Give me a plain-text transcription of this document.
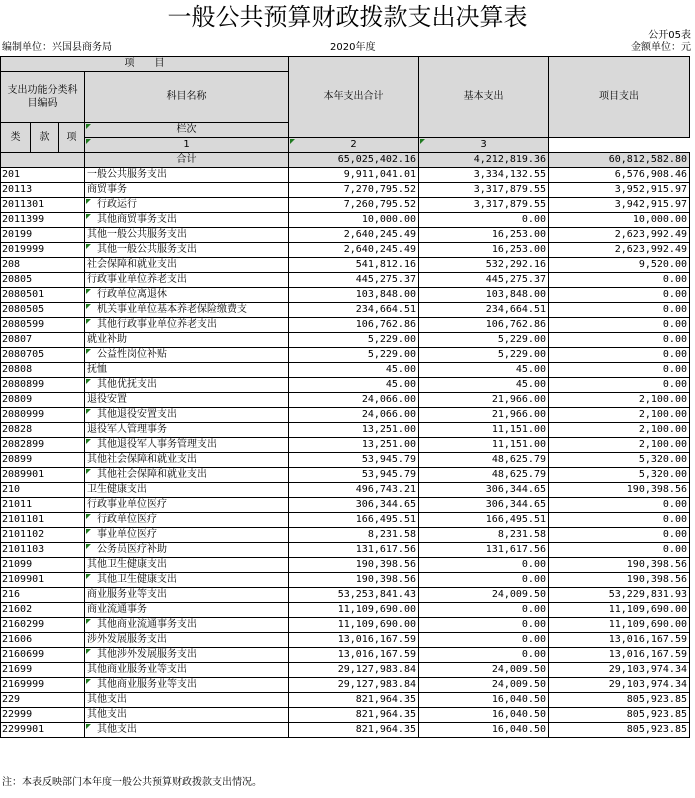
一般公共预算财政拨款支出决算表
公开05表
编制单位：兴国县商务局	2020年度	金额单位：元
项　　目				本年支出合计	基本支出	项目支出
支出功能分类科目编码			科目名称			

类	款	项	栏次			
			1	2	3	
			合计	65,025,402.16	4,212,819.36	60,812,582.80
201			一般公共服务支出	9,911,041.01	3,334,132.55	6,576,908.46
20113			商贸事务	7,270,795.52	3,317,879.55	3,952,915.97
2011301			行政运行	7,260,795.52	3,317,879.55	3,942,915.97
2011399			其他商贸事务支出	10,000.00	0.00	10,000.00
20199			其他一般公共服务支出	2,640,245.49	16,253.00	2,623,992.49
2019999			其他一般公共服务支出	2,640,245.49	16,253.00	2,623,992.49
208			社会保障和就业支出	541,812.16	532,292.16	9,520.00
20805			行政事业单位养老支出	445,275.37	445,275.37	0.00
2080501			行政单位离退休	103,848.00	103,848.00	0.00
2080505			机关事业单位基本养老保险缴费支	234,664.51	234,664.51	0.00
2080599			其他行政事业单位养老支出	106,762.86	106,762.86	0.00
20807			就业补助	5,229.00	5,229.00	0.00
2080705			公益性岗位补贴	5,229.00	5,229.00	0.00
20808			抚恤	45.00	45.00	0.00
2080899			其他优抚支出	45.00	45.00	0.00
20809			退役安置	24,066.00	21,966.00	2,100.00
2080999			其他退役安置支出	24,066.00	21,966.00	2,100.00
20828			退役军人管理事务	13,251.00	11,151.00	2,100.00
2082899			其他退役军人事务管理支出	13,251.00	11,151.00	2,100.00
20899			其他社会保障和就业支出	53,945.79	48,625.79	5,320.00
2089901			其他社会保障和就业支出	53,945.79	48,625.79	5,320.00
210			卫生健康支出	496,743.21	306,344.65	190,398.56
21011			行政事业单位医疗	306,344.65	306,344.65	0.00
2101101			行政单位医疗	166,495.51	166,495.51	0.00
2101102			事业单位医疗	8,231.58	8,231.58	0.00
2101103			公务员医疗补助	131,617.56	131,617.56	0.00
21099			其他卫生健康支出	190,398.56	0.00	190,398.56
2109901			其他卫生健康支出	190,398.56	0.00	190,398.56
216			商业服务业等支出	53,253,841.43	24,009.50	53,229,831.93
21602			商业流通事务	11,109,690.00	0.00	11,109,690.00
2160299			其他商业流通事务支出	11,109,690.00	0.00	11,109,690.00
21606			涉外发展服务支出	13,016,167.59	0.00	13,016,167.59
2160699			其他涉外发展服务支出	13,016,167.59	0.00	13,016,167.59
21699			其他商业服务业等支出	29,127,983.84	24,009.50	29,103,974.34
2169999			其他商业服务业等支出	29,127,983.84	24,009.50	29,103,974.34
229			其他支出	821,964.35	16,040.50	805,923.85
22999			其他支出	821,964.35	16,040.50	805,923.85
2299901			其他支出	821,964.35	16,040.50	805,923.85
注：本表反映部门本年度一般公共预算财政拨款支出情况。
